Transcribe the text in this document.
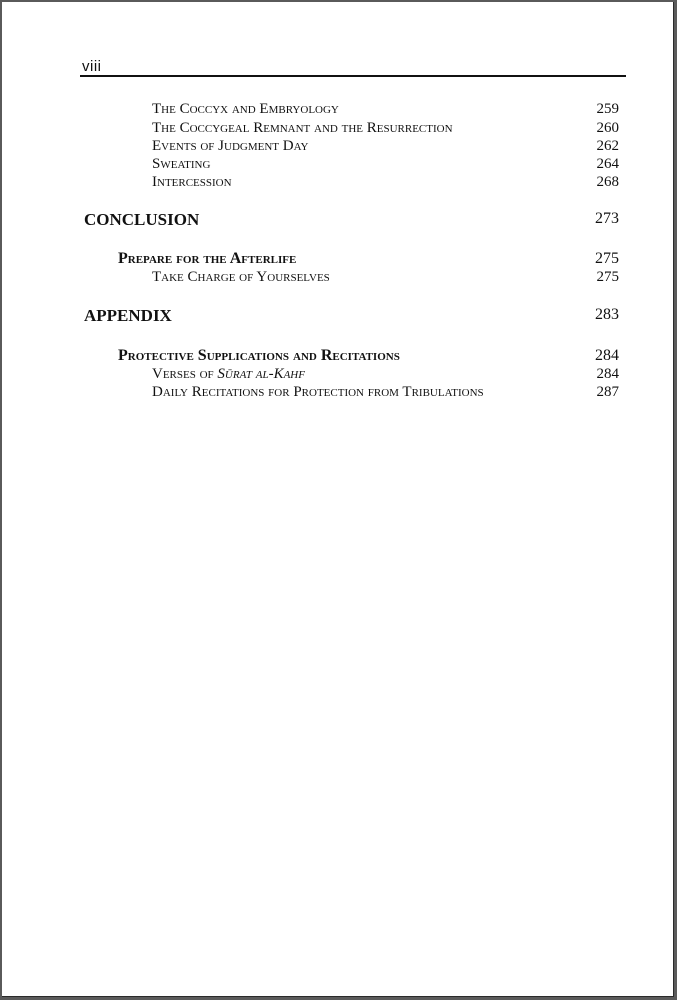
viii
The Coccyx and Embryology	259
The Coccygeal Remnant and the Resurrection	260
Events of Judgment Day	262
Sweating	264
Intercession	268
CONCLUSION	273
Prepare for the Afterlife	275
Take Charge of Yourselves	275
APPENDIX	283
Protective Supplications and Recitations	284
Verses of Sūrat al-Kahf	284
Daily Recitations for Protection from Tribulations	287
